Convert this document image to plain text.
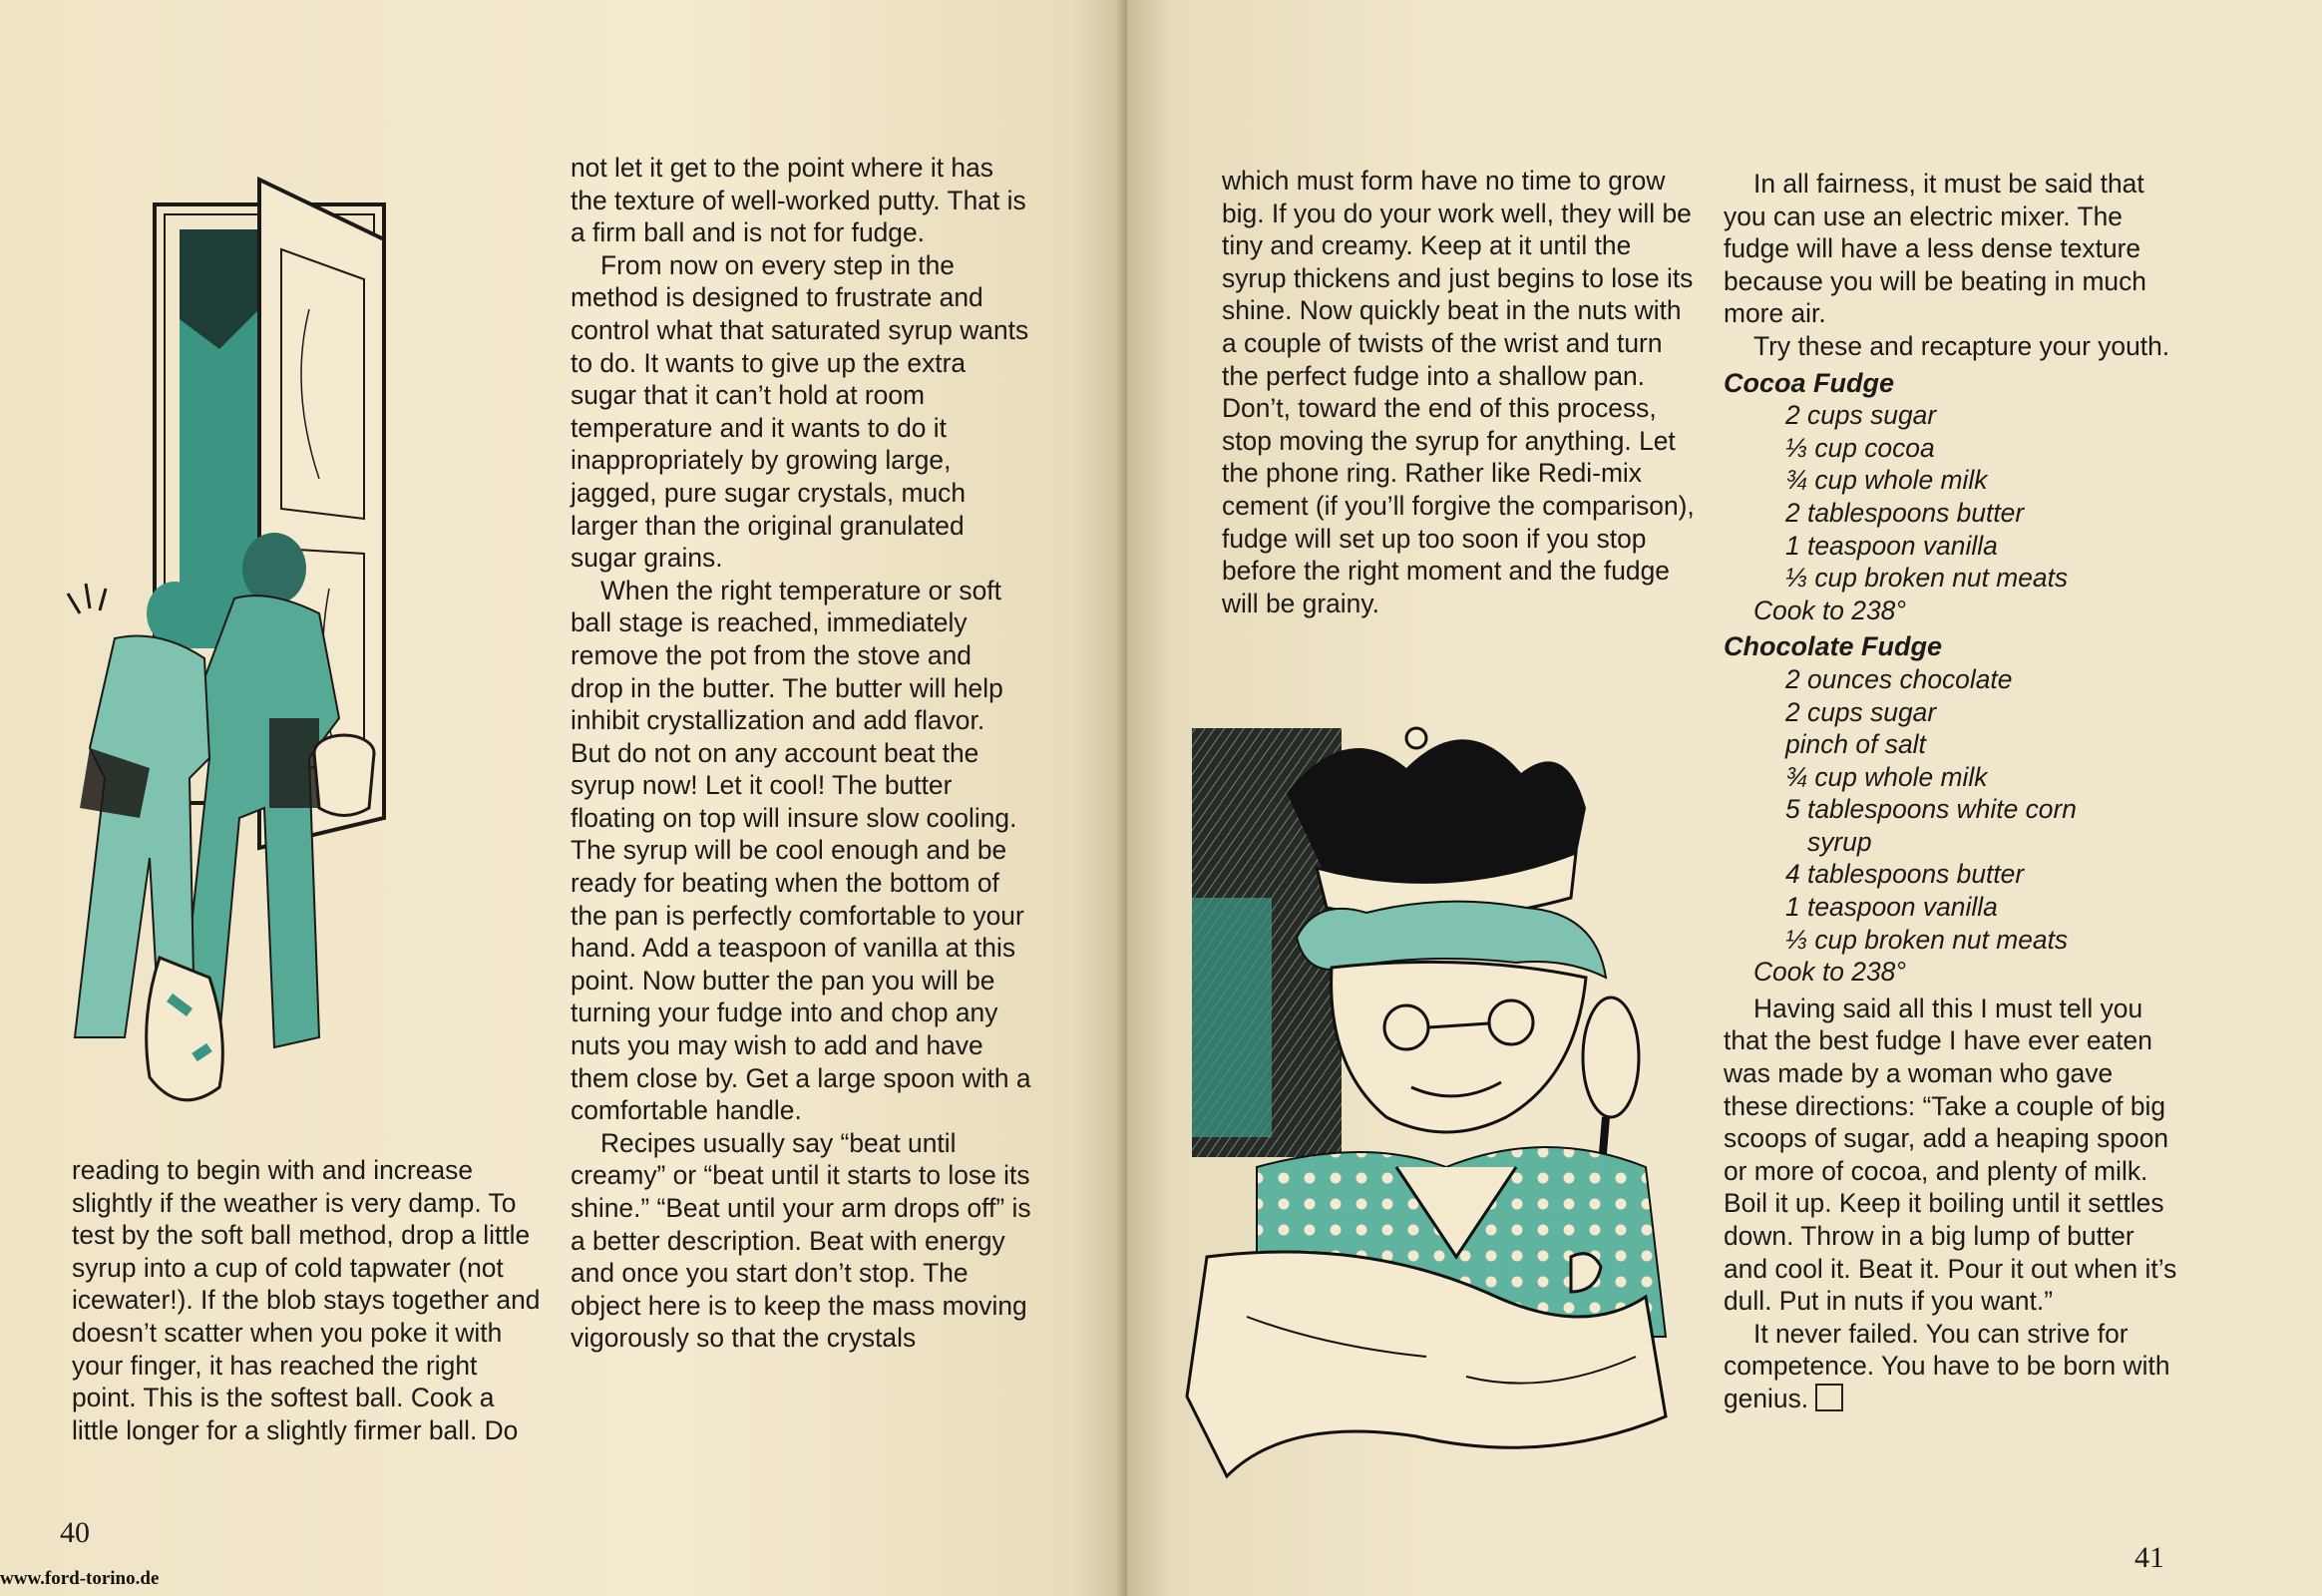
reading to begin with and increase slightly if the weather is very damp. To test by the soft ball method, drop a little syrup into a cup of cold tapwater (not icewater!). If the blob stays together and doesn’t scatter when you poke it with your finger, it has reached the right point. This is the softest ball. Cook a little longer for a slightly firmer ball. Do

not let it get to the point where it has the texture of well-worked putty. That is a firm ball and is not for fudge.

From now on every step in the method is designed to frustrate and control what that saturated syrup wants to do. It wants to give up the extra sugar that it can’t hold at room temperature and it wants to do it inappropriately by growing large, jagged, pure sugar crystals, much larger than the original granulated sugar grains.

When the right temperature or soft ball stage is reached, immediately remove the pot from the stove and drop in the butter. The butter will help inhibit crystallization and add flavor. But do not on any account beat the syrup now! Let it cool! The butter floating on top will insure slow cooling. The syrup will be cool enough and be ready for beating when the bottom of the pan is perfectly comfortable to your hand. Add a teaspoon of vanilla at this point. Now butter the pan you will be turning your fudge into and chop any nuts you may wish to add and have them close by. Get a large spoon with a comfortable handle.

Recipes usually say “beat until creamy” or “beat until it starts to lose its shine.” “Beat until your arm drops off” is a better description. Beat with energy and once you start don’t stop. The object here is to keep the mass moving vigorously so that the crystals

40
www.ford-torino.de

which must form have no time to grow big. If you do your work well, they will be tiny and creamy. Keep at it until the syrup thickens and just begins to lose its shine. Now quickly beat in the nuts with a couple of twists of the wrist and turn the perfect fudge into a shallow pan. Don’t, toward the end of this process, stop moving the syrup for anything. Let the phone ring. Rather like Redi-mix cement (if you’ll forgive the comparison), fudge will set up too soon if you stop before the right moment and the fudge will be grainy.

In all fairness, it must be said that you can use an electric mixer. The fudge will have a less dense texture because you will be beating in much more air.

Try these and recapture your youth.

Cocoa Fudge
2 cups sugar
⅓ cup cocoa
¾ cup whole milk
2 tablespoons butter
1 teaspoon vanilla
⅓ cup broken nut meats
Cook to 238°
Chocolate Fudge
2 ounces chocolate
2 cups sugar
pinch of salt
¾ cup whole milk
5 tablespoons white corn
syrup
4 tablespoons butter
1 teaspoon vanilla
⅓ cup broken nut meats
Cook to 238°

Having said all this I must tell you that the best fudge I have ever eaten was made by a woman who gave these directions: “Take a couple of big scoops of sugar, add a heaping spoon or more of cocoa, and plenty of milk. Boil it up. Keep it boiling until it settles down. Throw in a big lump of butter and cool it. Beat it. Pour it out when it’s dull. Put in nuts if you want.”

It never failed. You can strive for competence. You have to be born with genius.

41
